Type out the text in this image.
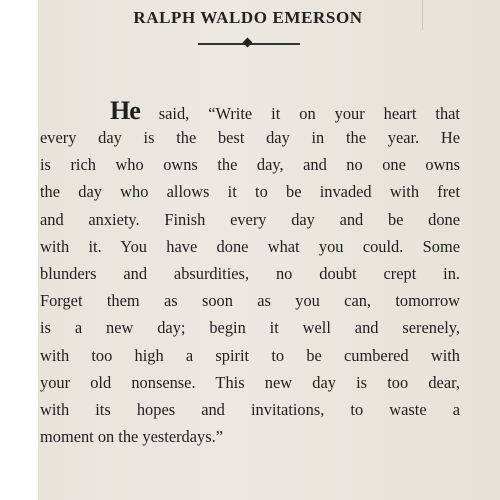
RALPH WALDO EMERSON
He said, “Write it on your heart that
every day is the best day in the year. He
is rich who owns the day, and no one owns
the day who allows it to be invaded with fret
and anxiety. Finish every day and be done
with it. You have done what you could. Some
blunders and absurdities, no doubt crept in.
Forget them as soon as you can, tomorrow
is a new day; begin it well and serenely,
with too high a spirit to be cumbered with
your old nonsense. This new day is too dear,
with its hopes and invitations, to waste a
moment on the yesterdays.”
